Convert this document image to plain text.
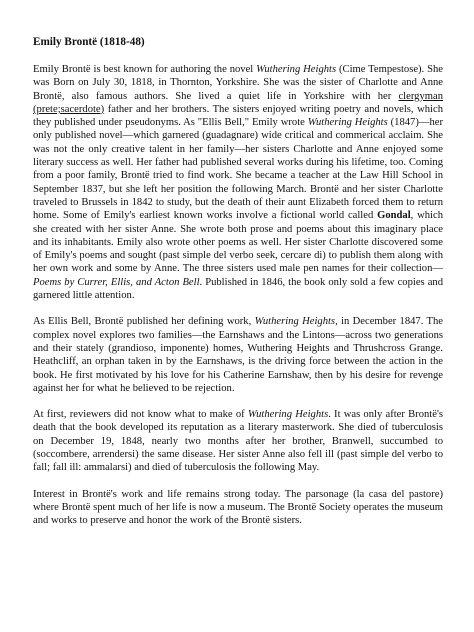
Emily Brontë (1818-48)

Emily Brontë is best known for authoring the novel Wuthering Heights (Cime Tempestose). She was Born on July 30, 1818, in Thornton, Yorkshire. She was the sister of Charlotte and Anne Brontë, also famous authors. She lived a quiet life in Yorkshire with her clergyman (prete;sacerdote) father and her brothers. The sisters enjoyed writing poetry and novels, which they published under pseudonyms. As "Ellis Bell," Emily wrote Wuthering Heights (1847)—her only published novel—which garnered (guadagnare) wide critical and commerical acclaim. She was not the only creative talent in her family—her sisters Charlotte and Anne enjoyed some literary success as well. Her father had published several works during his lifetime, too. Coming from a poor family, Brontë tried to find work. She became a teacher at the Law Hill School in September 1837, but she left her position the following March. Brontë and her sister Charlotte traveled to Brussels in 1842 to study, but the death of their aunt Elizabeth forced them to return home. Some of Emily's earliest known works involve a fictional world called Gondal, which she created with her sister Anne. She wrote both prose and poems about this imaginary place and its inhabitants. Emily also wrote other poems as well. Her sister Charlotte discovered some of Emily's poems and sought (past simple del verbo seek, cercare di) to publish them along with her own work and some by Anne. The three sisters used male pen names for their collection—Poems by Currer, Ellis, and Acton Bell. Published in 1846, the book only sold a few copies and garnered little attention.

As Ellis Bell, Brontë published her defining work, Wuthering Heights, in December 1847. The complex novel explores two families—the Earnshaws and the Lintons—across two generations and their stately (grandioso, imponente) homes, Wuthering Heights and Thrushcross Grange. Heathcliff, an orphan taken in by the Earnshaws, is the driving force between the action in the book. He first motivated by his love for his Catherine Earnshaw, then by his desire for revenge against her for what he believed to be rejection.

At first, reviewers did not know what to make of Wuthering Heights. It was only after Brontë's death that the book developed its reputation as a literary masterwork. She died of tuberculosis on December 19, 1848, nearly two months after her brother, Branwell, succumbed to (soccombere, arrendersi) the same disease. Her sister Anne also fell ill (past simple del verbo to fall; fall ill: ammalarsi) and died of tuberculosis the following May.

Interest in Brontë's work and life remains strong today. The parsonage (la casa del pastore) where Brontë spent much of her life is now a museum. The Brontë Society operates the museum and works to preserve and honor the work of the Brontë sisters.
